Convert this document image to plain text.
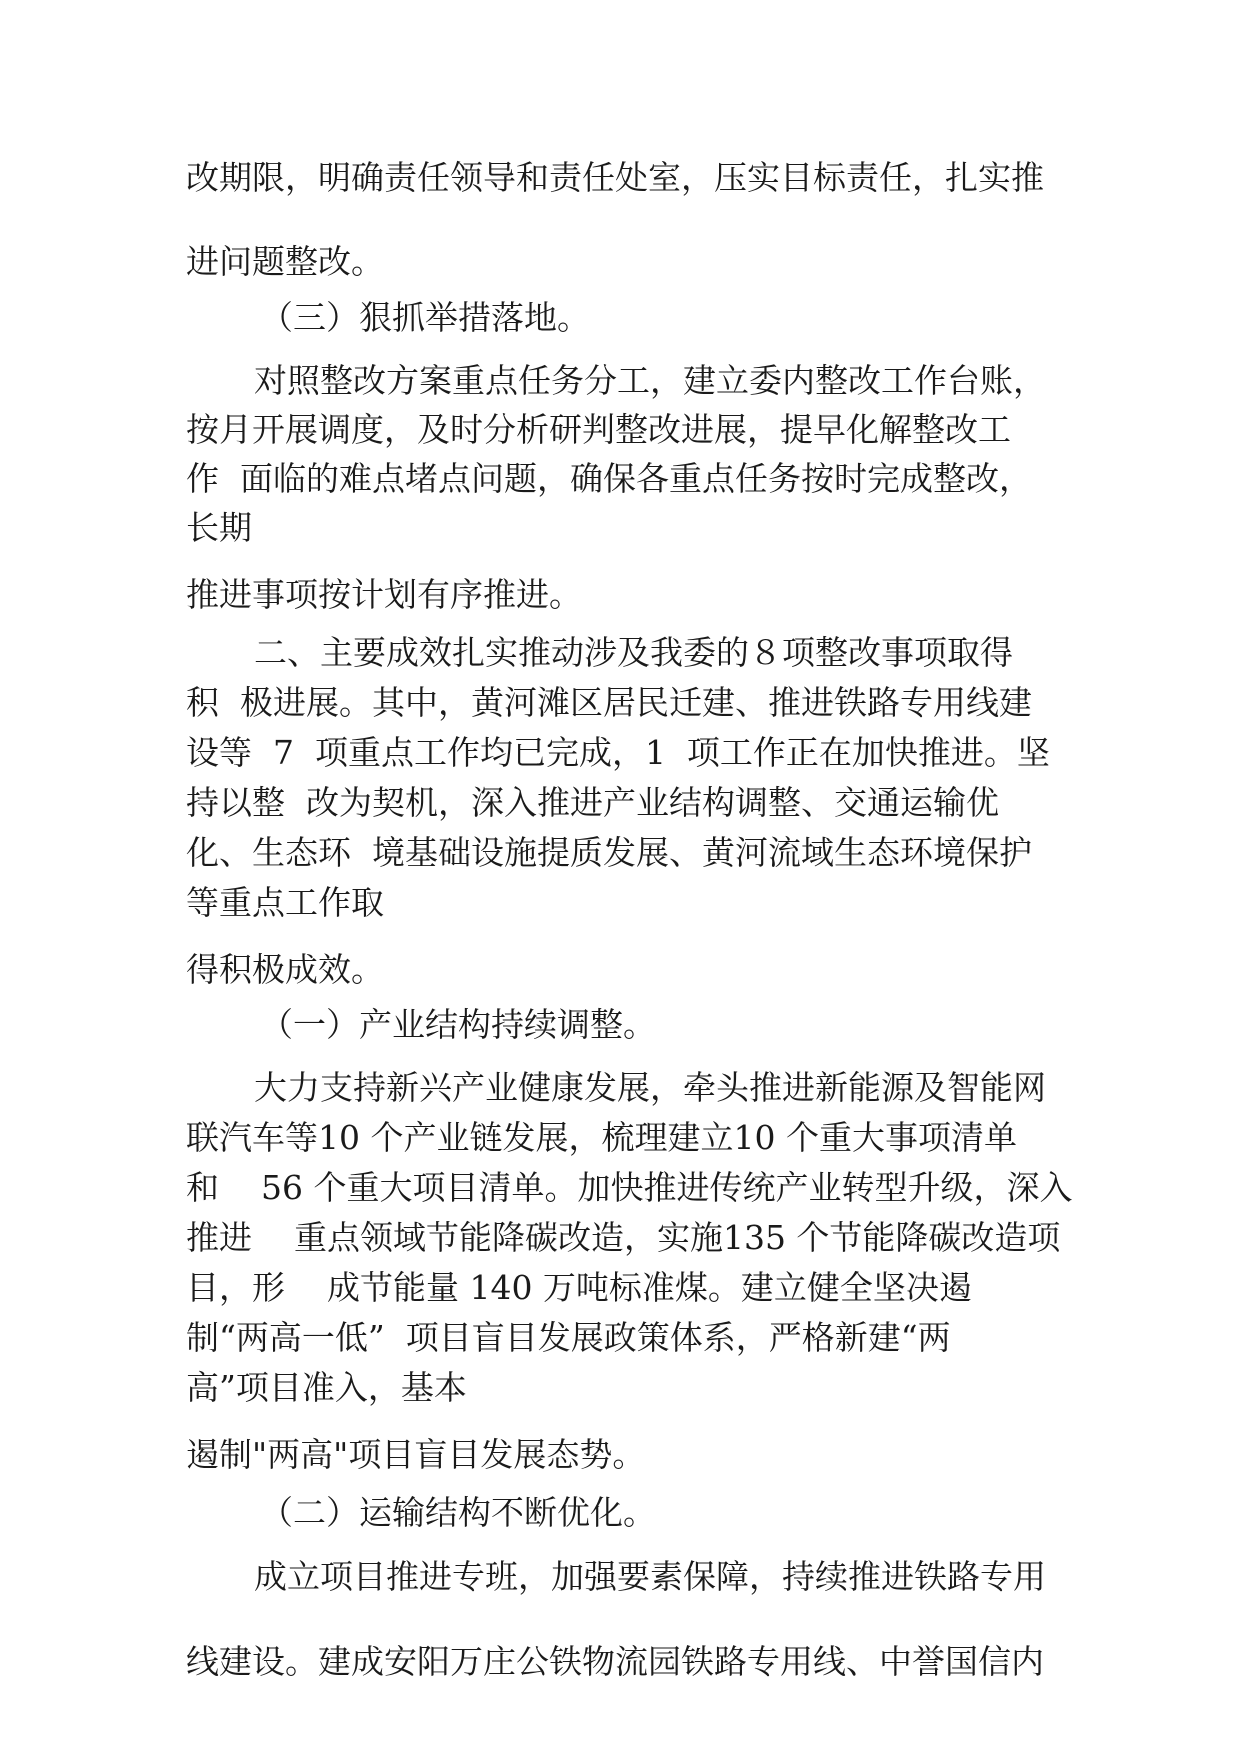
改期限，明确责任领导和责任处室，压实目标责任，扎实推

进问题整改。

（三）狠抓举措落地。

对照整改方案重点任务分工，建立委内整改工作台账，

按月开展调度，及时分析研判整改进展，提早化解整改工

作  面临的难点堵点问题，确保各重点任务按时完成整改，

长期

推进事项按计划有序推进。

二、主要成效扎实推动涉及我委的８项整改事项取得

积  极进展。其中，黄河滩区居民迁建、推进铁路专用线建

设等  7  项重点工作均已完成，1  项工作正在加快推进。坚

持以整  改为契机，深入推进产业结构调整、交通运输优

化、生态环  境基础设施提质发展、黄河流域生态环境保护

等重点工作取

得积极成效。

（一）产业结构持续调整。

大力支持新兴产业健康发展，牵头推进新能源及智能网

联汽车等10 个产业链发展，梳理建立10 个重大事项清单

和    56 个重大项目清单。加快推进传统产业转型升级，深入

推进    重点领域节能降碳改造，实施135 个节能降碳改造项

目，形    成节能量 140 万吨标准煤。建立健全坚决遏

制“两高一低”  项目盲目发展政策体系，严格新建“两

高”项目准入，基本

遏制"两高"项目盲目发展态势。

（二）运输结构不断优化。

成立项目推进专班，加强要素保障，持续推进铁路专用

线建设。建成安阳万庄公铁物流园铁路专用线、中誉国信内
